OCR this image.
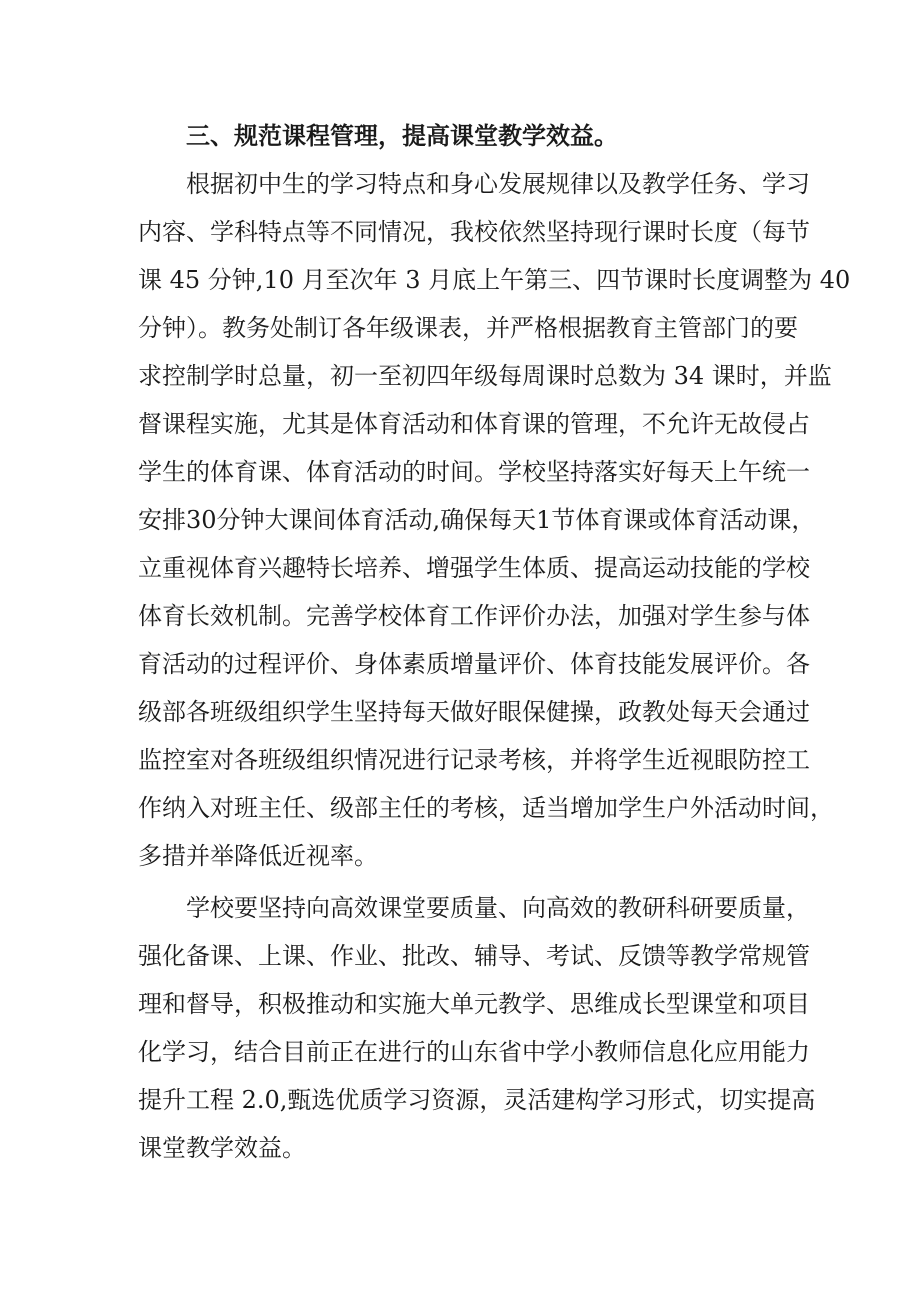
三、规范课程管理，提高课堂教学效益。
根据初中生的学习特点和身心发展规律以及教学任务、学习
内容、学科特点等不同情况，我校依然坚持现行课时长度（每节
课 45 分钟,10 月至次年 3 月底上午第三、四节课时长度调整为 40
分钟）。教务处制订各年级课表，并严格根据教育主管部门的要
求控制学时总量，初一至初四年级每周课时总数为 34 课时，并监
督课程实施，尤其是体育活动和体育课的管理，不允许无故侵占
学生的体育课、体育活动的时间。学校坚持落实好每天上午统一
安排30分钟大课间体育活动,确保每天1节体育课或体育活动课，
立重视体育兴趣特长培养、增强学生体质、提高运动技能的学校
体育长效机制。完善学校体育工作评价办法，加强对学生参与体
育活动的过程评价、身体素质增量评价、体育技能发展评价。各
级部各班级组织学生坚持每天做好眼保健操，政教处每天会通过
监控室对各班级组织情况进行记录考核，并将学生近视眼防控工
作纳入对班主任、级部主任的考核，适当增加学生户外活动时间，
多措并举降低近视率。
学校要坚持向高效课堂要质量、向高效的教研科研要质量，
强化备课、上课、作业、批改、辅导、考试、反馈等教学常规管
理和督导，积极推动和实施大单元教学、思维成长型课堂和项目
化学习，结合目前正在进行的山东省中学小教师信息化应用能力
提升工程 2.0,甄选优质学习资源，灵活建构学习形式，切实提高
课堂教学效益。
